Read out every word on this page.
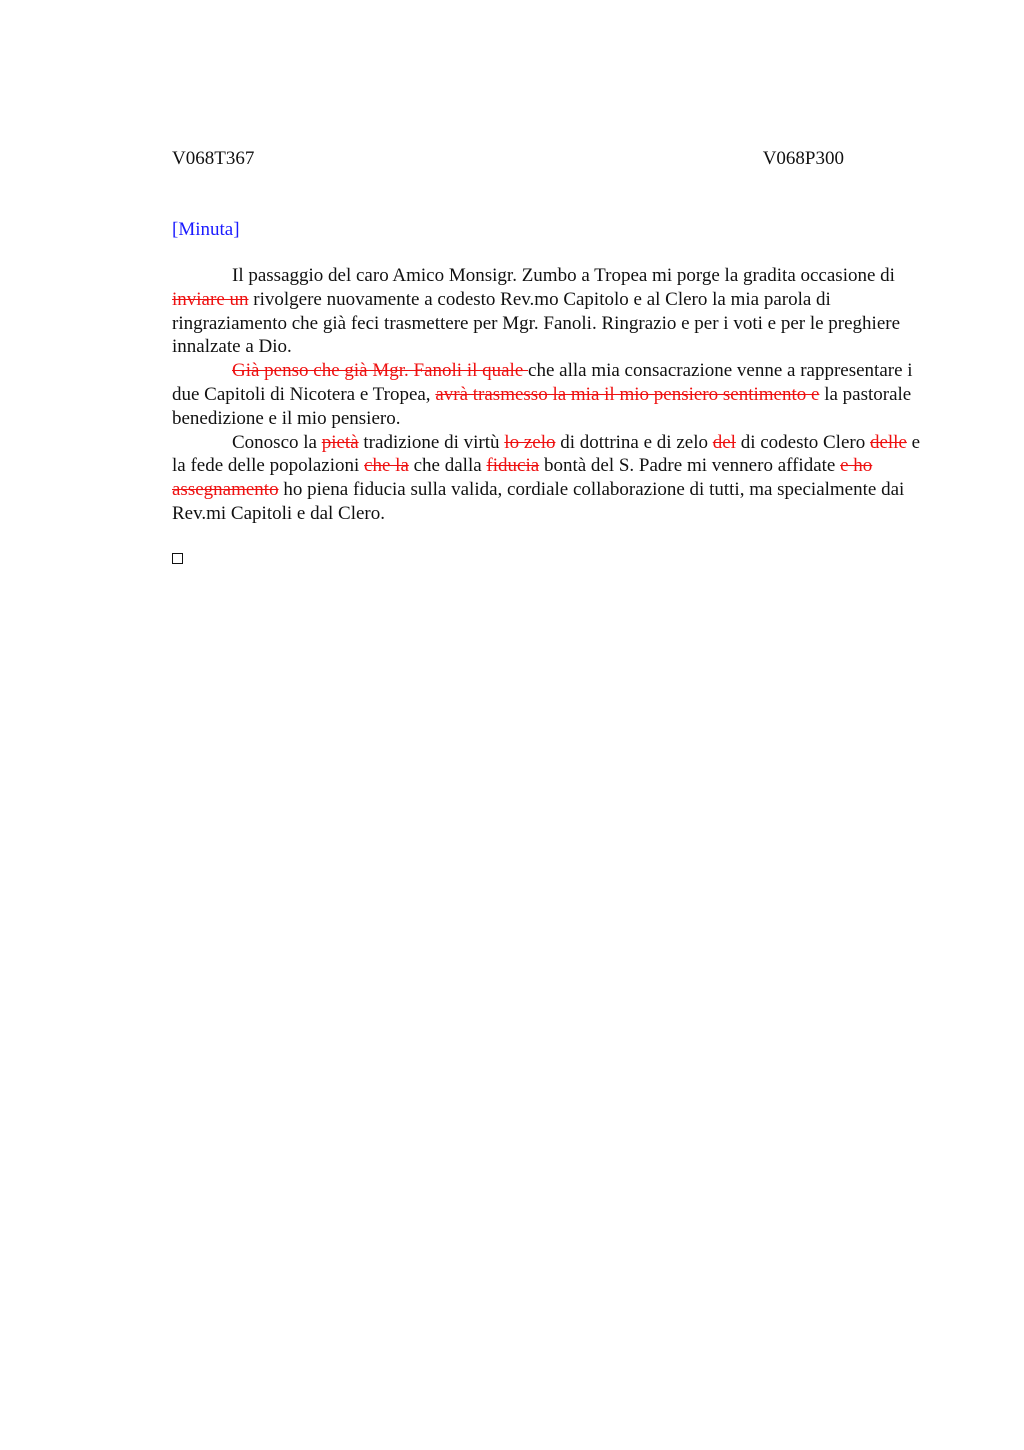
V068T367	V068P300
[Minuta]

Il passaggio del caro Amico Monsigr. Zumbo a Tropea mi porge la gradita occasione di inviare un rivolgere nuovamente a codesto Rev.mo Capitolo e al Clero la mia parola di ringraziamento che già feci trasmettere per Mgr. Fanoli. Ringrazio e per i voti e per le preghiere innalzate a Dio.

Già penso che già Mgr. Fanoli il quale che alla mia consacrazione venne a rappresentare i due Capitoli di Nicotera e Tropea, avrà trasmesso la mia il mio pensiero sentimento e la pastorale benedizione e il mio pensiero.

Conosco la pietà tradizione di virtù lo zelo di dottrina e di zelo del di codesto Clero delle e la fede delle popolazioni che la che dalla fiducia bontà del S. Padre mi vennero affidate e ho assegnamento ho piena fiducia sulla valida, cordiale collaborazione di tutti, ma specialmente dai Rev.mi Capitoli e dal Clero.
